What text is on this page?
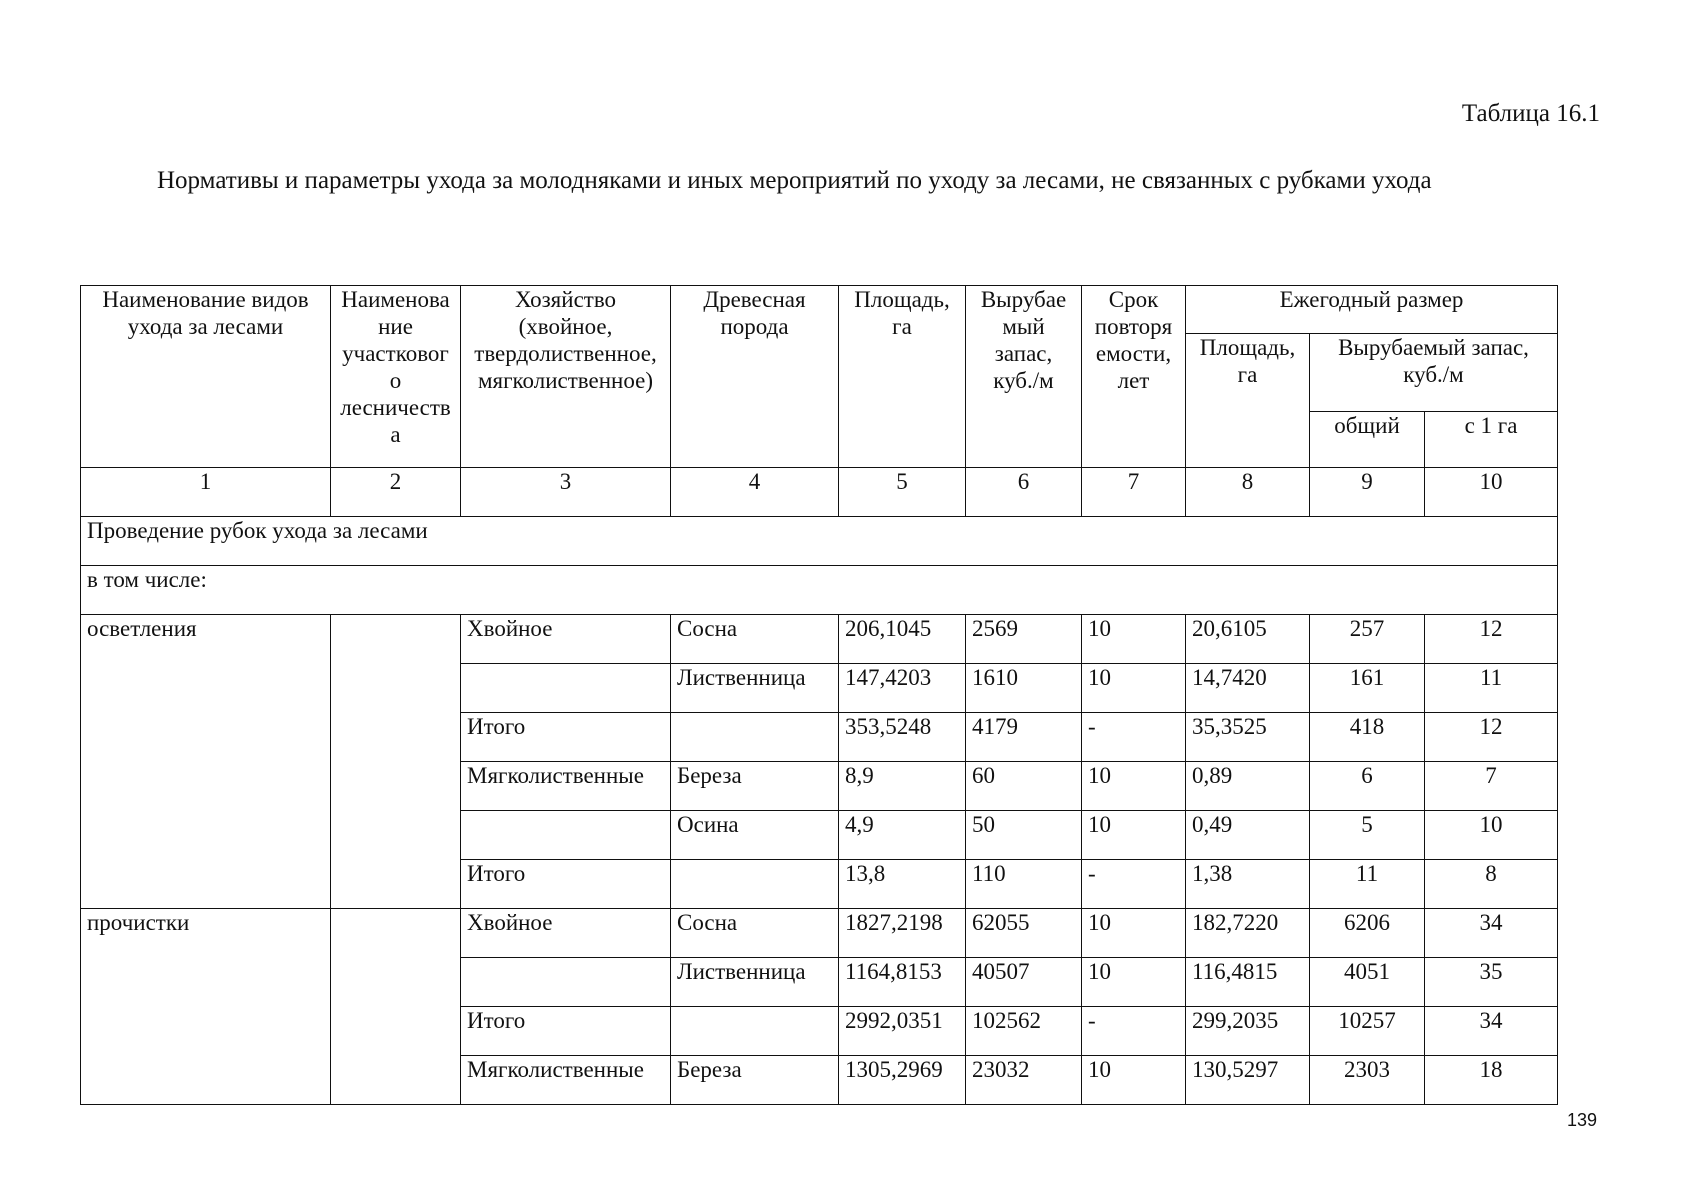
Таблица 16.1
Нормативы и параметры ухода за молодняками и иных мероприятий по уходу за лесами, не связанных с рубками ухода
Наименование видов ухода за лесами	Наименова ние участковог о лесничеств а	Хозяйство (хвойное, твердолиственное, мягколиственное)	Древесная порода	Площадь, га	Вырубае мый запас, куб./м	Срок повторя емости, лет	Ежегодный размер		
							Площадь, га	Вырубаемый запас, куб./м	
								общий	с 1 га
1	2	3	4	5	6	7	8	9	10
Проведение рубок ухода за лесами									
в том числе:									
осветления		Хвойное	Сосна	206,1045	2569	10	20,6105	257	12
			Лиственница	147,4203	1610	10	14,7420	161	11
		Итого		353,5248	4179	-	35,3525	418	12
		Мягколиственные	Береза	8,9	60	10	0,89	6	7
			Осина	4,9	50	10	0,49	5	10
		Итого		13,8	110	-	1,38	11	8
прочистки		Хвойное	Сосна	1827,2198	62055	10	182,7220	6206	34
			Лиственница	1164,8153	40507	10	116,4815	4051	35
		Итого		2992,0351	102562	-	299,2035	10257	34
		Мягколиственные	Береза	1305,2969	23032	10	130,5297	2303	18
139
